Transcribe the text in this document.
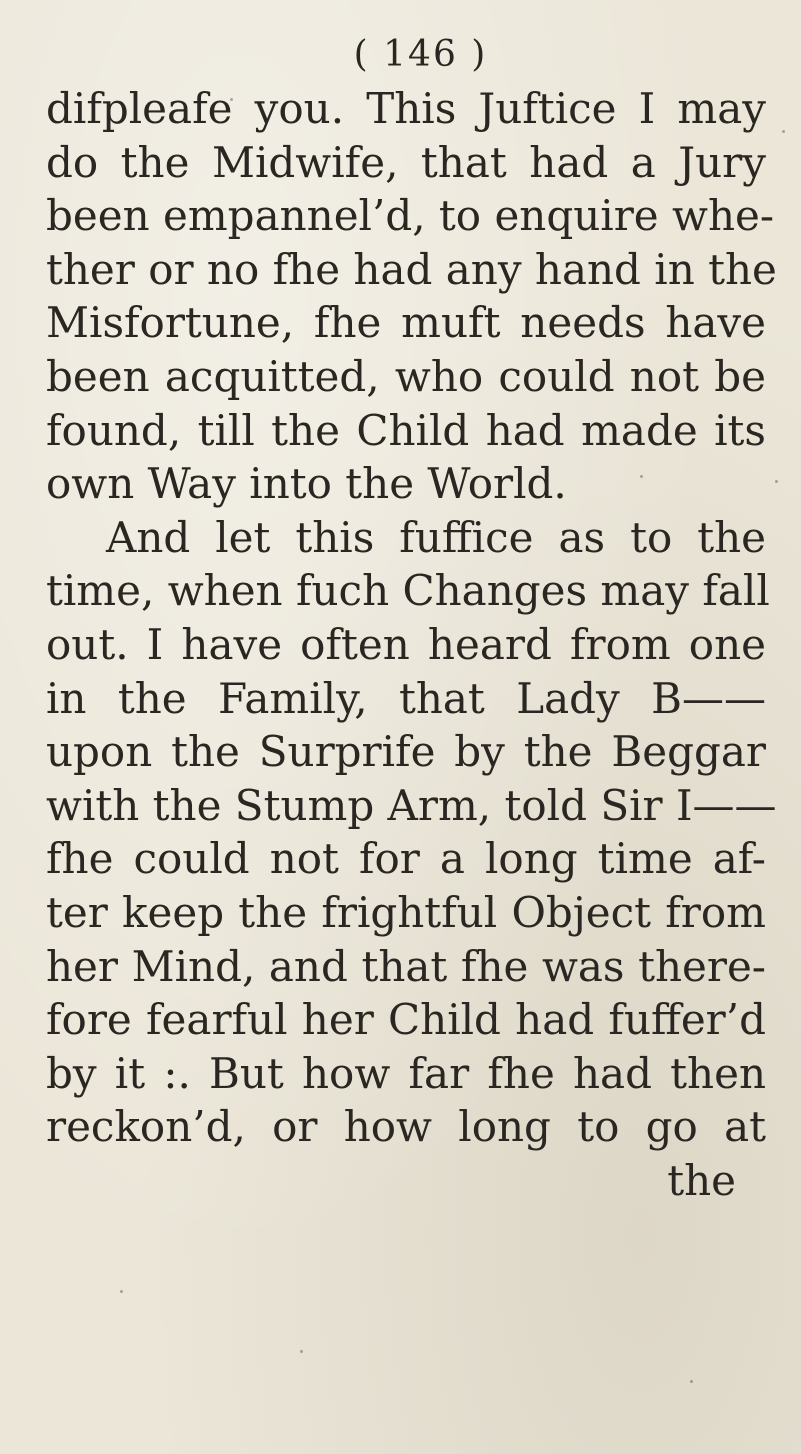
( 146 )
difpleafe you. This Juftice I may
do the Midwife, that had a Jury
been empannel’d, to enquire whe-
ther or no fhe had any hand in the
Misfortune, fhe muft needs have
been acquitted, who could not be
found, till the Child had made its
own Way into the World.
And let this fuffice as to the
time, when fuch Changes may fall
out. I have often heard from one
in the Family, that Lady B——
upon the Surprife by the Beggar
with the Stump Arm, told Sir I——
fhe could not for a long time af-
ter keep the frightful Object from
her Mind, and that fhe was there-
fore fearful her Child had fuffer’d
by it :. But how far fhe had then
reckon’d, or how long to go at
the
